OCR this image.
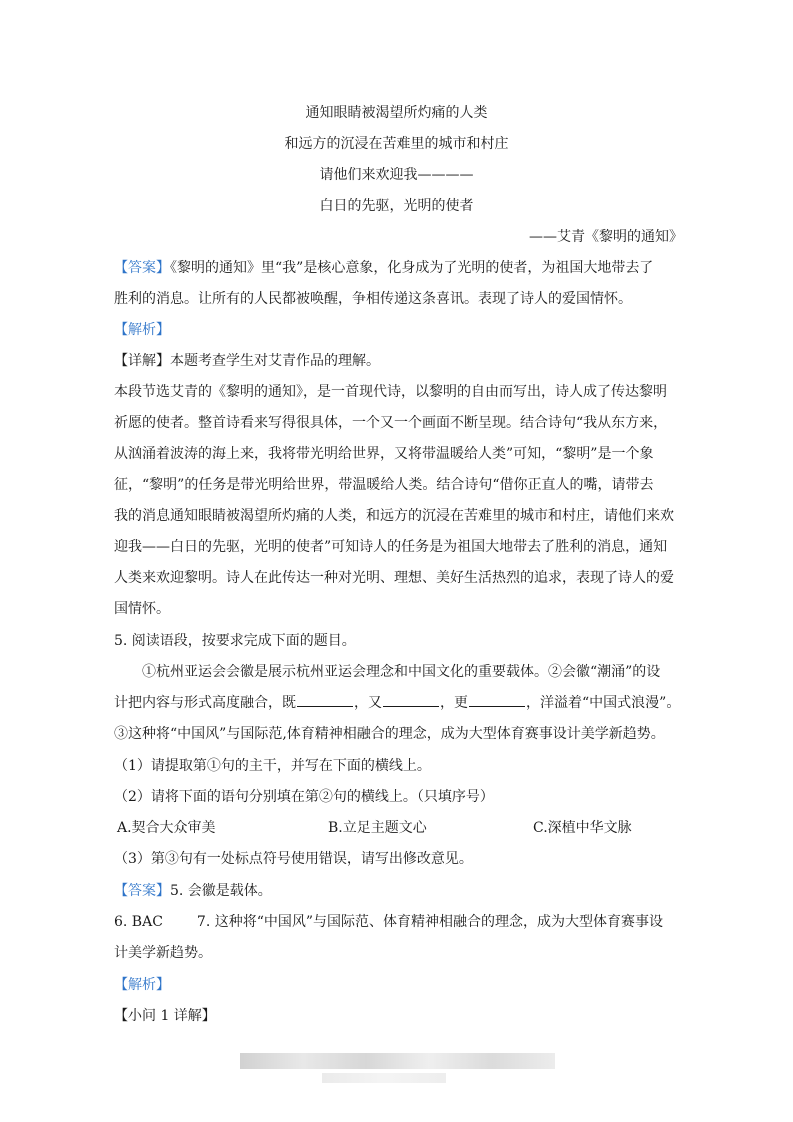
通知眼睛被渴望所灼痛的人类
和远方的沉浸在苦难里的城市和村庄
请他们来欢迎我————
白日的先驱，光明的使者
——艾青《黎明的通知》
【答案】《黎明的通知》里“我”是核心意象，化身成为了光明的使者，为祖国大地带去了
胜利的消息。让所有的人民都被唤醒，争相传递这条喜讯。表现了诗人的爱国情怀。
【解析】
【详解】本题考查学生对艾青作品的理解。
本段节选艾青的《黎明的通知》，是一首现代诗，以黎明的自由而写出，诗人成了传达黎明
祈愿的使者。整首诗看来写得很具体，一个又一个画面不断呈现。结合诗句“我从东方来，
从汹涌着波涛的海上来，我将带光明给世界，又将带温暖给人类”可知，“黎明”是一个象
征，“黎明”的任务是带光明给世界，带温暖给人类。结合诗句“借你正直人的嘴，请带去
我的消息通知眼睛被渴望所灼痛的人类，和远方的沉浸在苦难里的城市和村庄，请他们来欢
迎我——白日的先驱，光明的使者”可知诗人的任务是为祖国大地带去了胜利的消息，通知
人类来欢迎黎明。诗人在此传达一种对光明、理想、美好生活热烈的追求，表现了诗人的爱
国情怀。
5. 阅读语段，按要求完成下面的题目。
①杭州亚运会会徽是展示杭州亚运会理念和中国文化的重要载体。②会徽“潮涌”的设
计把内容与形式高度融合，既	，又	，更	，洋溢着“中国式浪漫”。
③这种将“中国风”与国际范,体育精神相融合的理念，成为大型体育赛事设计美学新趋势。
（1）请提取第①句的主干，并写在下面的横线上。
（2）请将下面的语句分别填在第②句的横线上。（只填序号）
A.契合大众审美	B.立足主题文心	C.深植中华文脉
（3）第③句有一处标点符号使用错误，请写出修改意见。
【答案】5. 会徽是载体。
6. BAC 7. 这种将“中国风”与国际范、体育精神相融合的理念，成为大型体育赛事设
计美学新趋势。
【解析】
【小问 1 详解】
